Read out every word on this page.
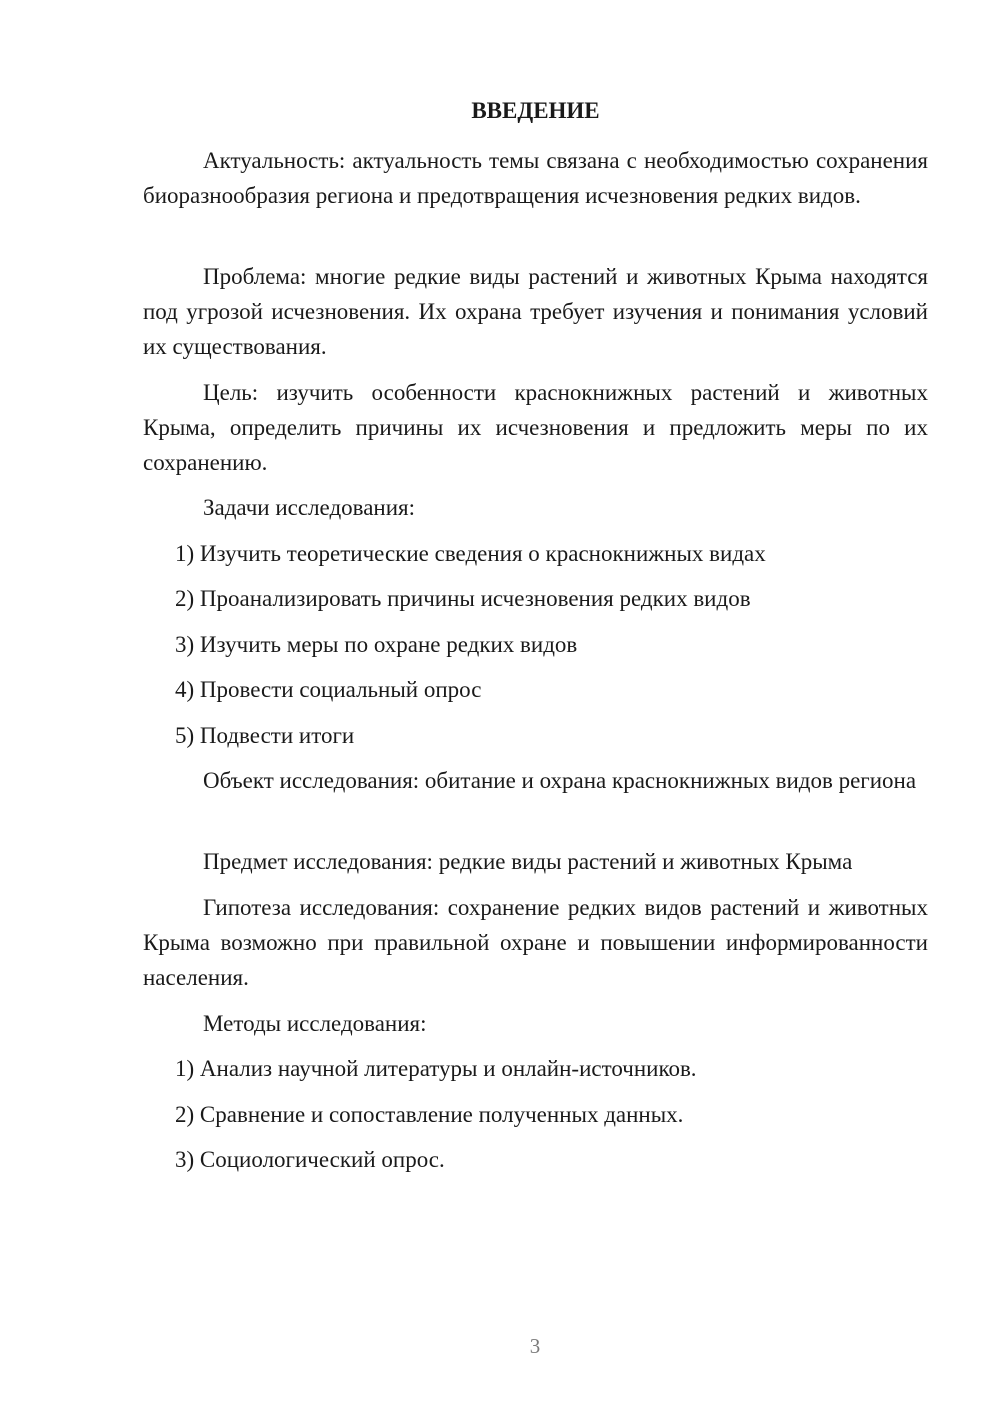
ВВЕДЕНИЕ
Актуальность: актуальность темы связана с необходимостью сохранения биоразнообразия региона и предотвращения исчезновения редких видов.
Проблема: многие редкие виды растений и животных Крыма находятся под угрозой исчезновения. Их охрана требует изучения и понимания условий их существования.
Цель: изучить особенности краснокнижных растений и животных Крыма, определить причины их исчезновения и предложить меры по их сохранению.
Задачи исследования:
1) Изучить теоретические сведения о краснокнижных видах
2) Проанализировать причины исчезновения редких видов
3) Изучить меры по охране редких видов
4) Провести социальный опрос
5) Подвести итоги
Объект исследования: обитание и охрана краснокнижных видов региона
Предмет исследования: редкие виды растений и животных Крыма
Гипотеза исследования: сохранение редких видов растений и животных Крыма возможно при правильной охране и повышении информированности населения.
Методы исследования:
1) Анализ научной литературы и онлайн-источников.
2) Сравнение и сопоставление полученных данных.
3) Социологический опрос.
3
